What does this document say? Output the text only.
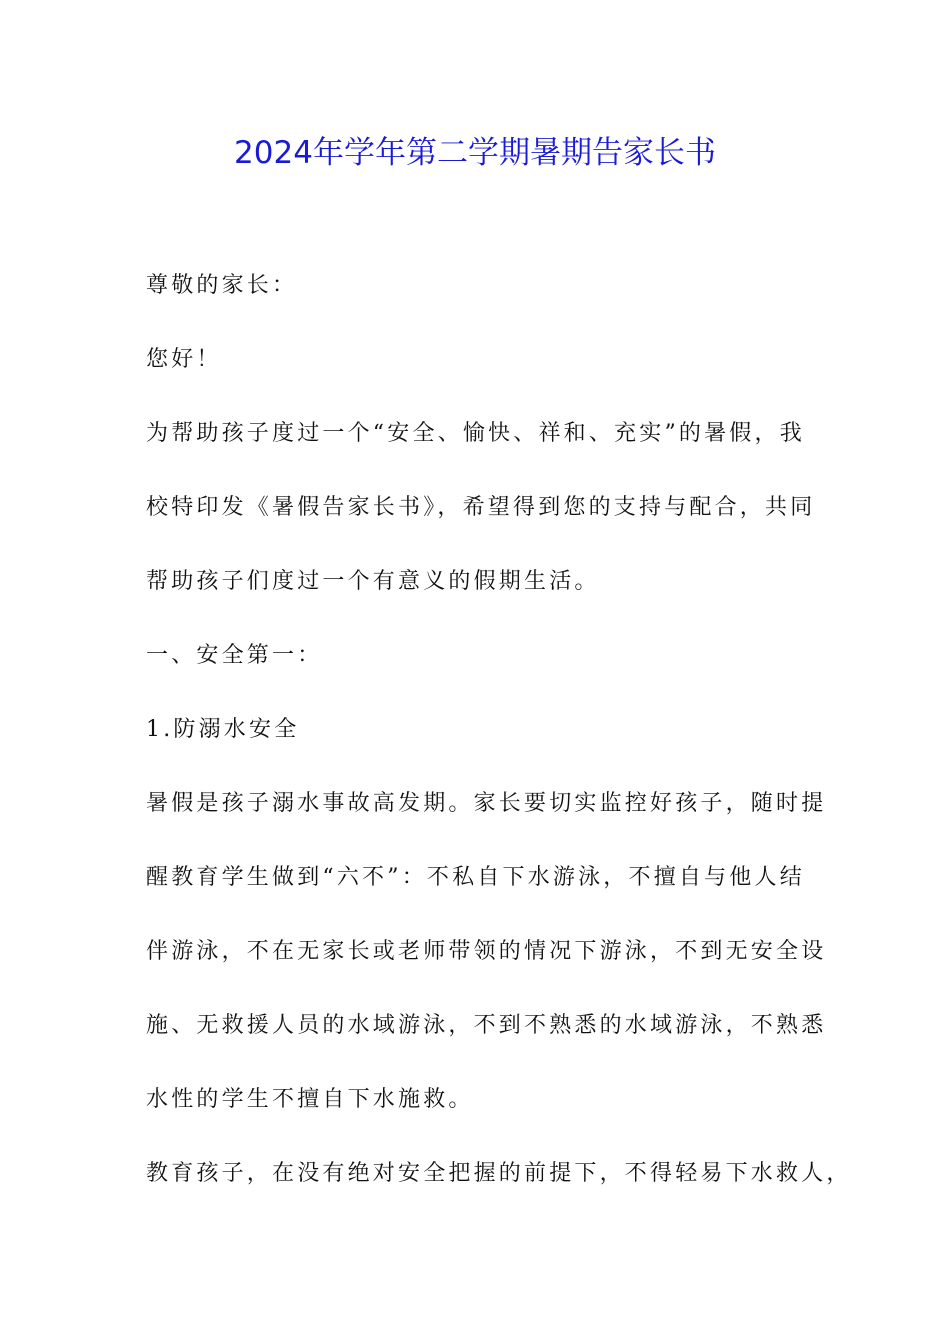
2024年学年第二学期暑期告家长书

尊敬的家长：

您好！

为帮助孩子度过一个“安全、愉快、祥和、充实”的暑假，我
校特印发《暑假告家长书》，希望得到您的支持与配合，共同
帮助孩子们度过一个有意义的假期生活。

一、安全第一：

1.防溺水安全

暑假是孩子溺水事故高发期。家长要切实监控好孩子，随时提
醒教育学生做到“六不”：不私自下水游泳，不擅自与他人结
伴游泳，不在无家长或老师带领的情况下游泳，不到无安全设
施、无救援人员的水域游泳，不到不熟悉的水域游泳，不熟悉
水性的学生不擅自下水施救。

教育孩子，在没有绝对安全把握的前提下，不得轻易下水救人，
